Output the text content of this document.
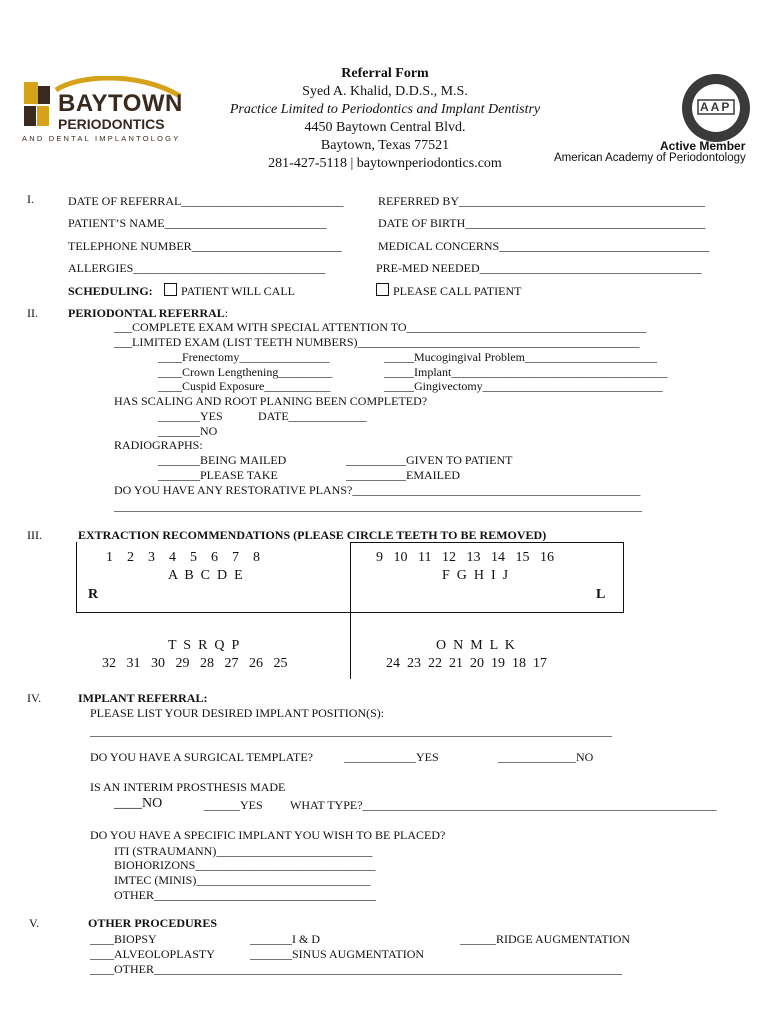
BAYTOWN
PERIODONTICS
AND DENTAL IMPLANTOLOGY
Referral Form
Syed A. Khalid, D.D.S., M.S.
Practice Limited to Periodontics and Implant Dentistry
4450 Baytown Central Blvd.
Baytown, Texas 77521
281-427-5118 | baytownperiodontics.com
AAP
Active Member
American Academy of Periodontology
I.	DATE OF REFERRAL___________________________	REFERRED BY_________________________________________
PATIENT’S NAME___________________________	DATE OF BIRTH________________________________________
TELEPHONE NUMBER_________________________	MEDICAL CONCERNS___________________________________
ALLERGIES________________________________	PRE-MED NEEDED_____________________________________
SCHEDULING:	PATIENT WILL CALL	PLEASE CALL PATIENT
II.	PERIODONTAL REFERRAL:
___COMPLETE EXAM WITH SPECIAL ATTENTION TO________________________________________
___LIMITED EXAM (LIST TEETH NUMBERS)_______________________________________________
____Frenectomy_______________	_____Mucogingival Problem______________________
____Crown Lengthening_________	_____Implant____________________________________
____Cuspid Exposure___________	_____Gingivectomy______________________________
HAS SCALING AND ROOT PLANING BEEN COMPLETED?
_______YES	DATE_____________
_______NO
RADIOGRAPHS:
_______BEING MAILED	__________GIVEN TO PATIENT
_______PLEASE TAKE	__________EMAILED
DO YOU HAVE ANY RESTORATIVE PLANS?________________________________________________
________________________________________________________________________________________
III.	EXTRACTION RECOMMENDATIONS (PLEASE CIRCLE TEETH TO BE REMOVED)
1    2    3    4    5    6    7    8
A  B  C  D  E
9   10   11   12   13   14   15   16
F  G  H  I  J
R	L
T  S  R  Q  P
32   31   30   29   28   27   26   25
O  N  M  L  K
24  23  22  21  20  19  18  17
IV.	IMPLANT REFERRAL:
PLEASE LIST YOUR DESIRED IMPLANT POSITION(S):
_______________________________________________________________________________________
DO YOU HAVE A SURGICAL TEMPLATE?	____________YES	_____________NO
IS AN INTERIM PROSTHESIS MADE
____NO	______YES WHAT TYPE?___________________________________________________________
DO YOU HAVE A SPECIFIC IMPLANT YOU WISH TO BE PLACED?
ITI (STRAUMANN)__________________________
BIOHORIZONS______________________________
IMTEC (MINIS)_____________________________
OTHER_____________________________________
V.	OTHER PROCEDURES
____BIOPSY	_______I & D	______RIDGE AUGMENTATION
____ALVEOLOPLASTY	_______SINUS AUGMENTATION
____OTHER______________________________________________________________________________
